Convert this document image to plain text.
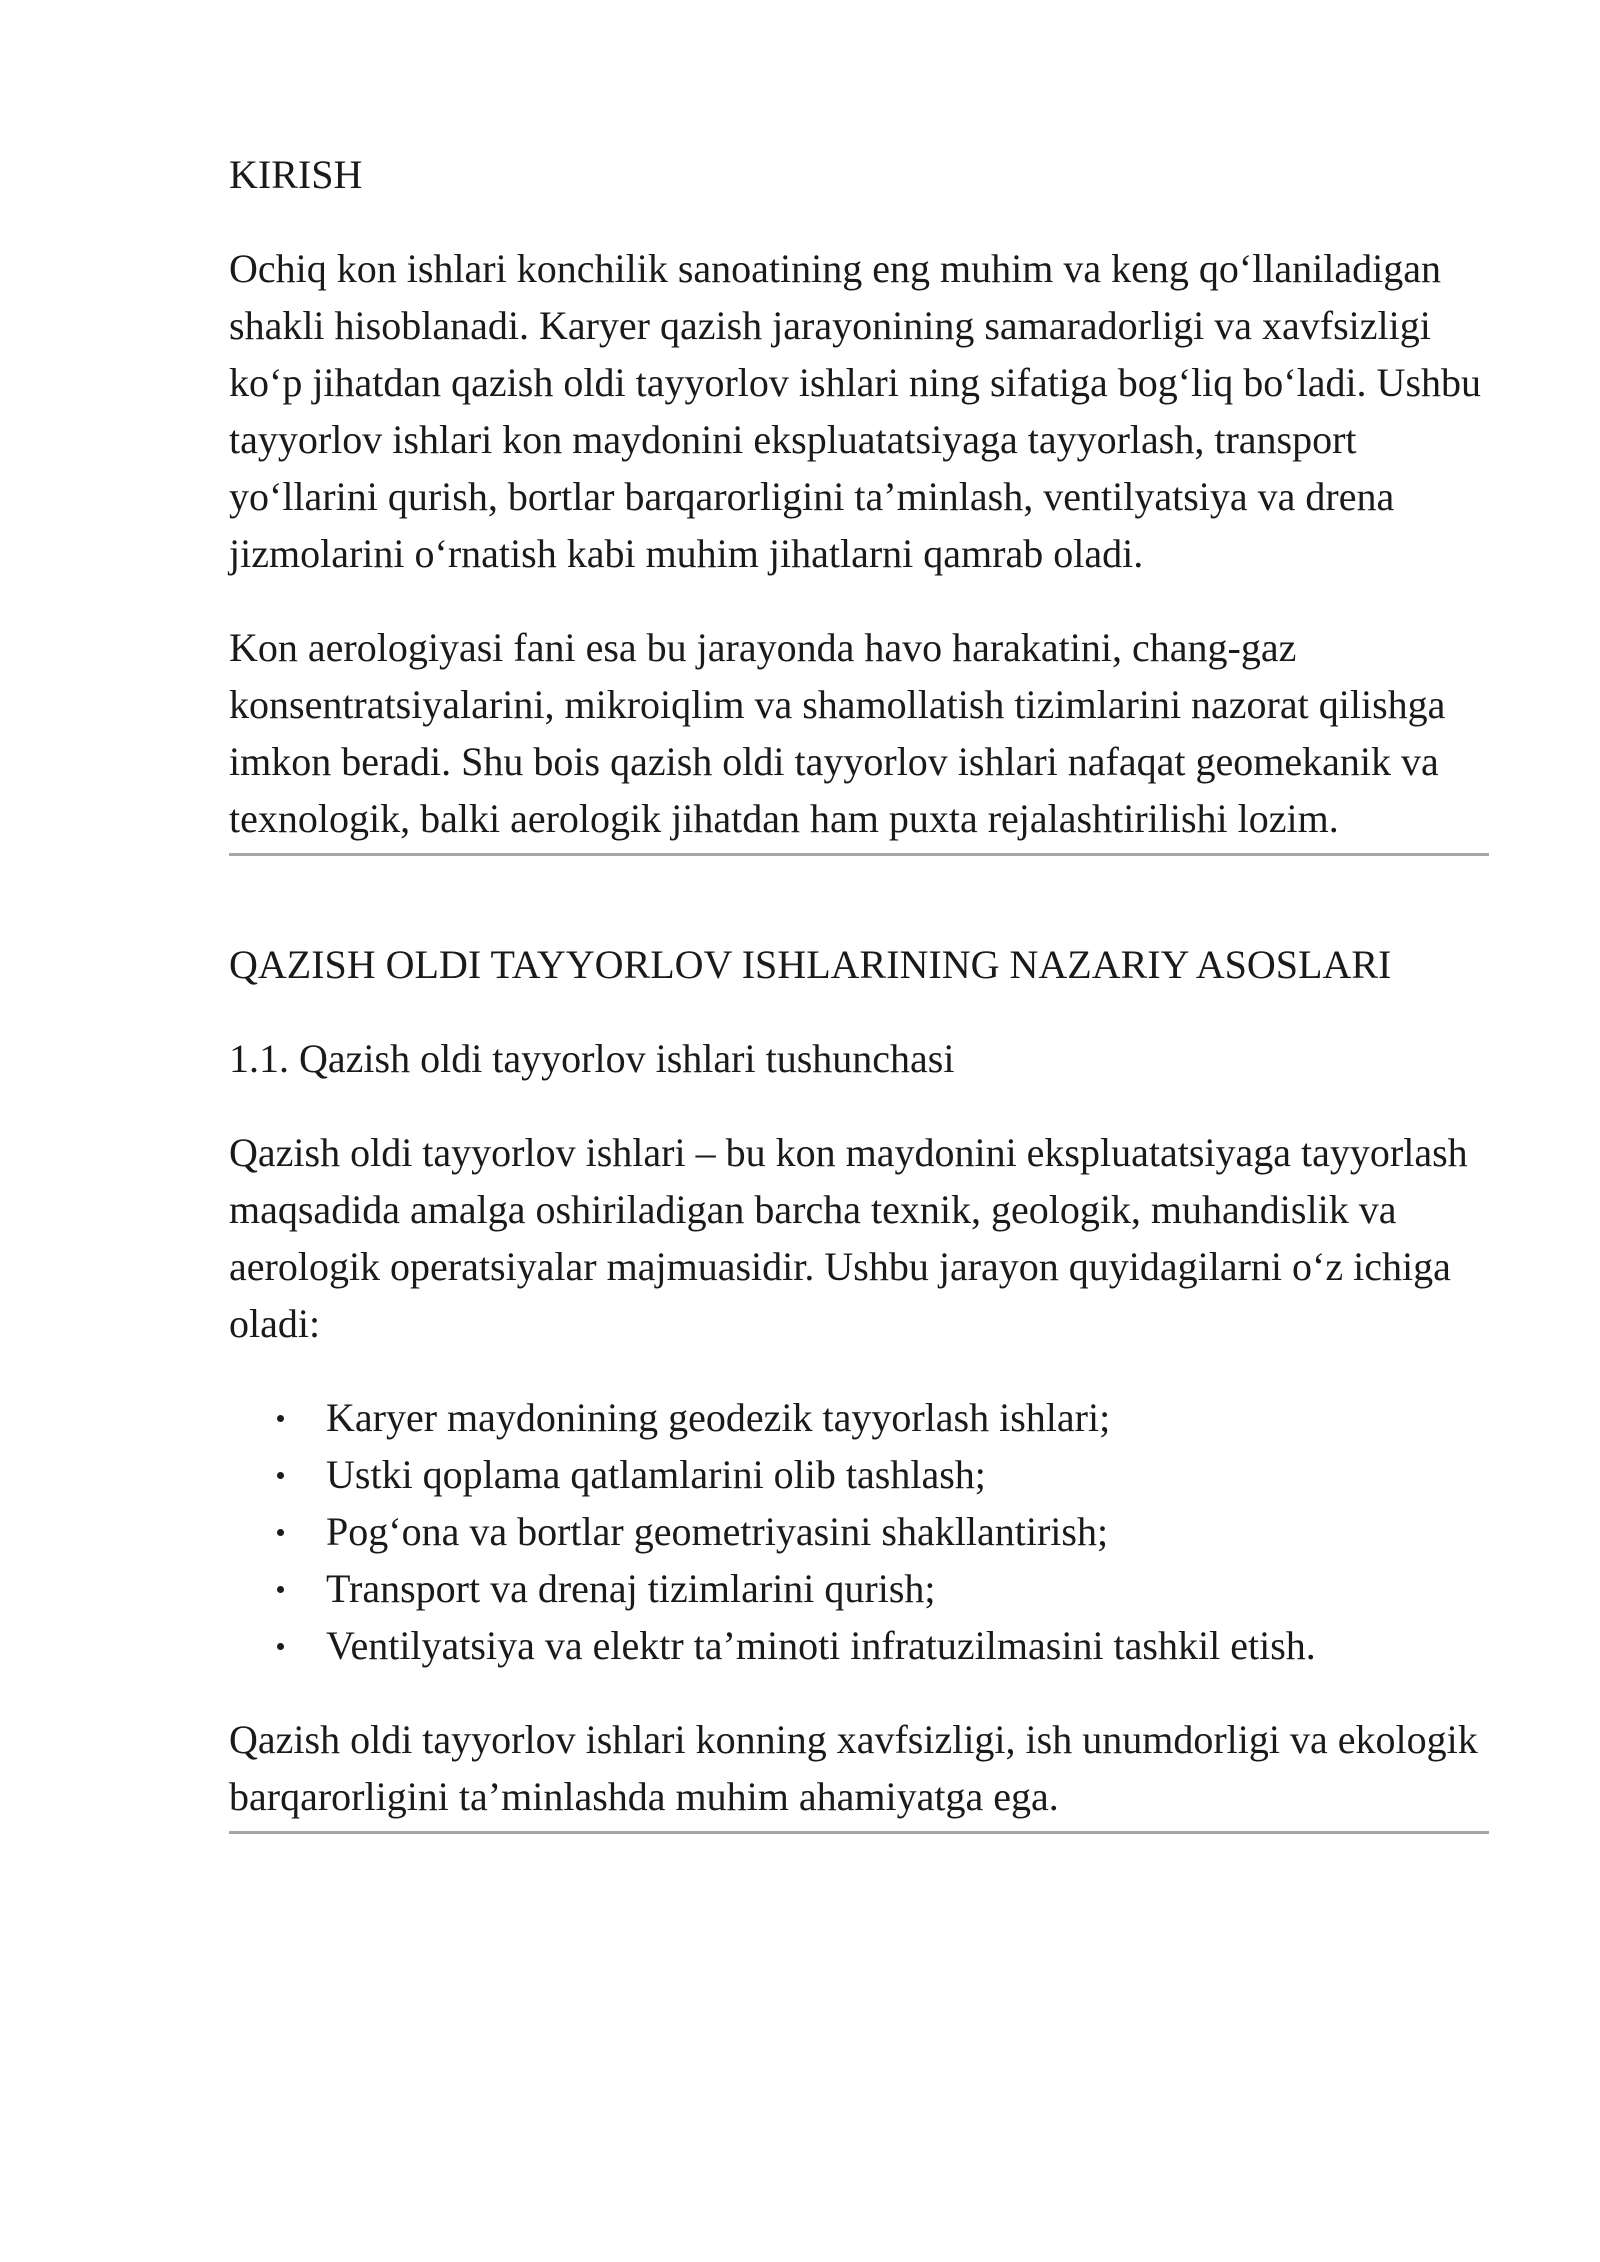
KIRISH

Ochiq kon ishlari konchilik sanoatining eng muhim va keng qo‘llaniladigan shakli hisoblanadi. Karyer qazish jarayonining samaradorligi va xavfsizligi ko‘p jihatdan qazish oldi tayyorlov ishlari ning sifatiga bog‘liq bo‘ladi. Ushbu tayyorlov ishlari kon maydonini ekspluatatsiyaga tayyorlash, transport yo‘llarini qurish, bortlar barqarorligini ta’minlash, ventilyatsiya va drena jizmolarini o‘rnatish kabi muhim jihatlarni qamrab oladi.

Kon aerologiyasi fani esa bu jarayonda havo harakatini, chang-gaz konsentratsiyalarini, mikroiqlim va shamollatish tizimlarini nazorat qilishga imkon beradi. Shu bois qazish oldi tayyorlov ishlari nafaqat geomekanik va texnologik, balki aerologik jihatdan ham puxta rejalashtirilishi lozim.

QAZISH OLDI TAYYORLOV ISHLARINING NAZARIY ASOSLARI
1.1. Qazish oldi tayyorlov ishlari tushunchasi

Qazish oldi tayyorlov ishlari – bu kon maydonini ekspluatatsiyaga tayyorlash maqsadida amalga oshiriladigan barcha texnik, geologik, muhandislik va aerologik operatsiyalar majmuasidir. Ushbu jarayon quyidagilarni o‘z ichiga oladi:

Karyer maydonining geodezik tayyorlash ishlari;
Ustki qoplama qatlamlarini olib tashlash;
Pog‘ona va bortlar geometriyasini shakllantirish;
Transport va drenaj tizimlarini qurish;
Ventilyatsiya va elektr ta’minoti infratuzilmasini tashkil etish.

Qazish oldi tayyorlov ishlari konning xavfsizligi, ish unumdorligi va ekologik barqarorligini ta’minlashda muhim ahamiyatga ega.
